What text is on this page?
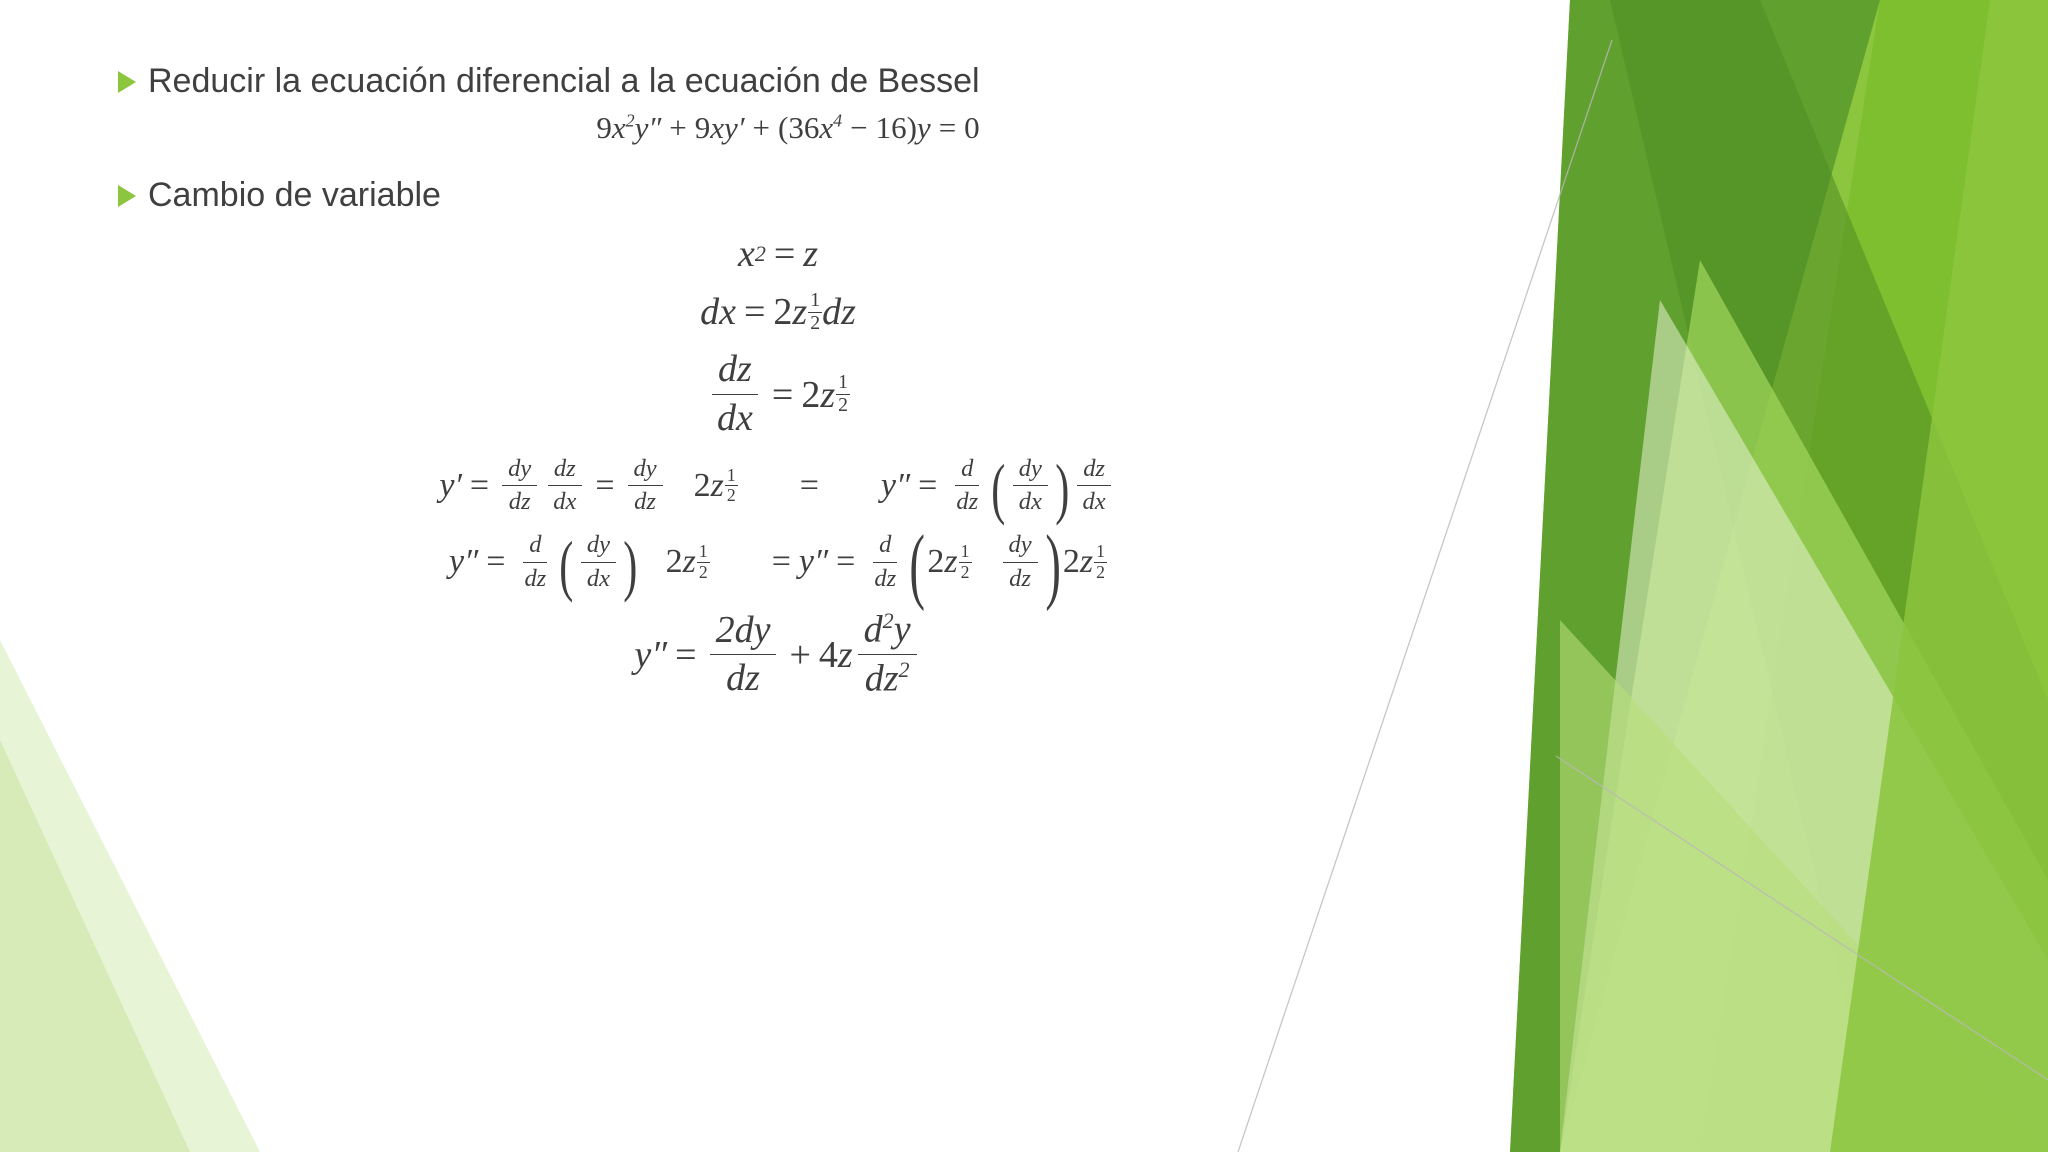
Reducir la ecuación diferencial a la ecuación de Bessel
$9x^2y'' + 9xy' + (36x^4 - 16)y = 0$
Cambio de variable
x 2 = z
dx = 2 z $\frac{1}{2}$ dz
$\frac{dz}{dx} = 2$ z $\frac{1}{2}$
y ′ = $\frac{dy}{dz} \frac{dz}{dx} = \frac{dy}{dz} 2$ z $\frac{1}{2} = y$ ″ = $\frac{d}{dz}$ ( $\frac{dy}{dx}$ ) $\frac{dz}{dx}$
y ″ = $\frac{d}{dz}$ ( $\frac{dy}{dx}$ ) 2 z $\frac{1}{2} = y$ ″ = $\frac{d}{dz}$ ( 2 z $\frac{1}{2} \frac{dy}{dz}$ ) 2 z $\frac{1}{2}$
y ″ = $\frac{2dy}{dz} + 4$ z $\frac{d^2y}{dz^2}$
